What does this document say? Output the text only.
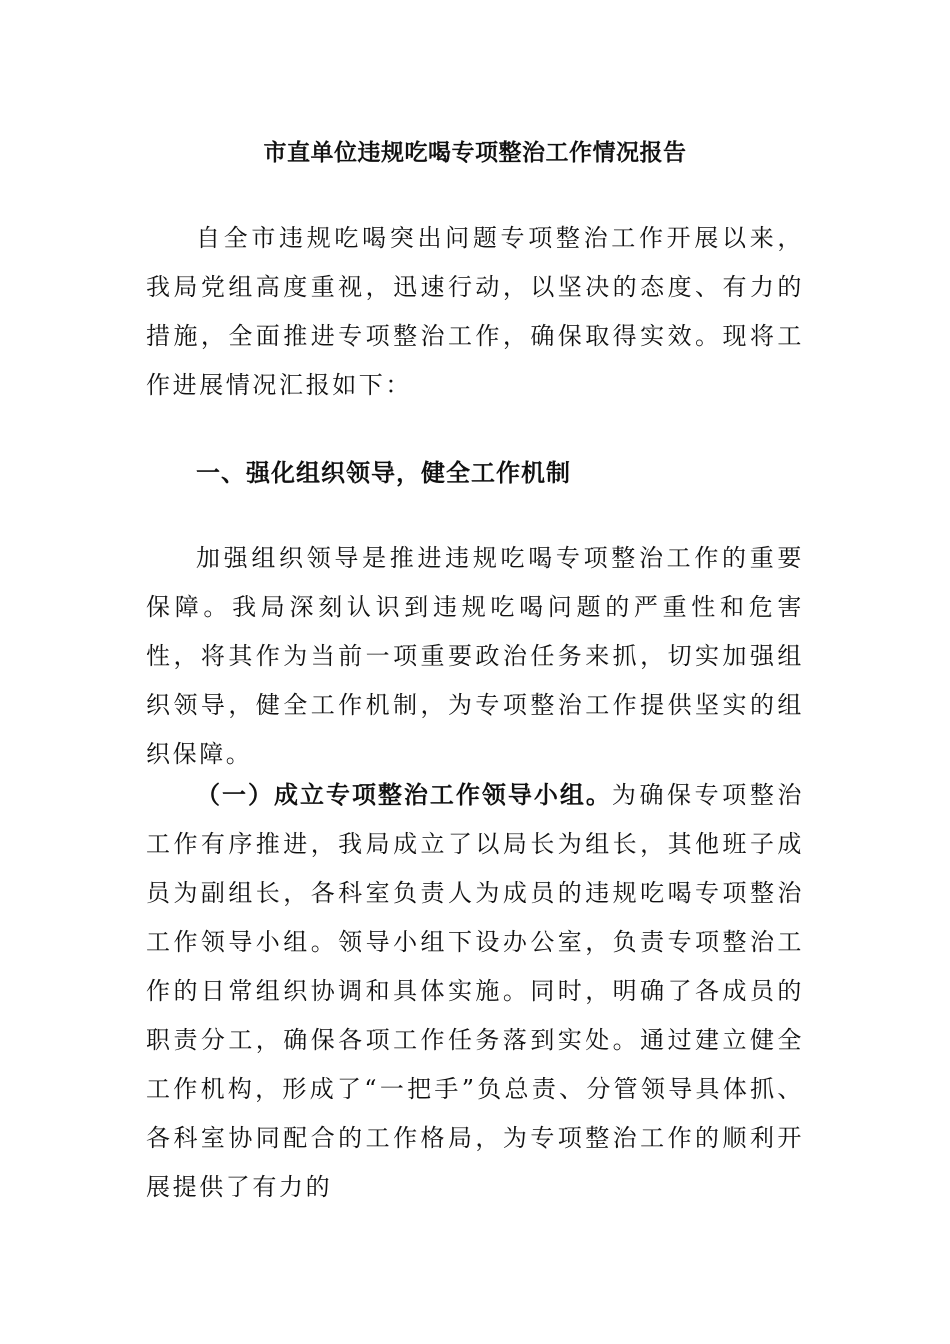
市直单位违规吃喝专项整治工作情况报告

自全市违规吃喝突出问题专项整治工作开展以来，我局党组高度重视，迅速行动，以坚决的态度、有力的措施，全面推进专项整治工作，确保取得实效。现将工作进展情况汇报如下：

一、强化组织领导，健全工作机制

加强组织领导是推进违规吃喝专项整治工作的重要保障。我局深刻认识到违规吃喝问题的严重性和危害性，将其作为当前一项重要政治任务来抓，切实加强组织领导，健全工作机制，为专项整治工作提供坚实的组织保障。

（一）成立专项整治工作领导小组。为确保专项整治工作有序推进，我局成立了以局长为组长，其他班子成员为副组长，各科室负责人为成员的违规吃喝专项整治工作领导小组。领导小组下设办公室，负责专项整治工作的日常组织协调和具体实施。同时，明确了各成员的职责分工，确保各项工作任务落到实处。通过建立健全工作机构，形成了“一把手”负总责、分管领导具体抓、各科室协同配合的工作格局，为专项整治工作的顺利开展提供了有力的
